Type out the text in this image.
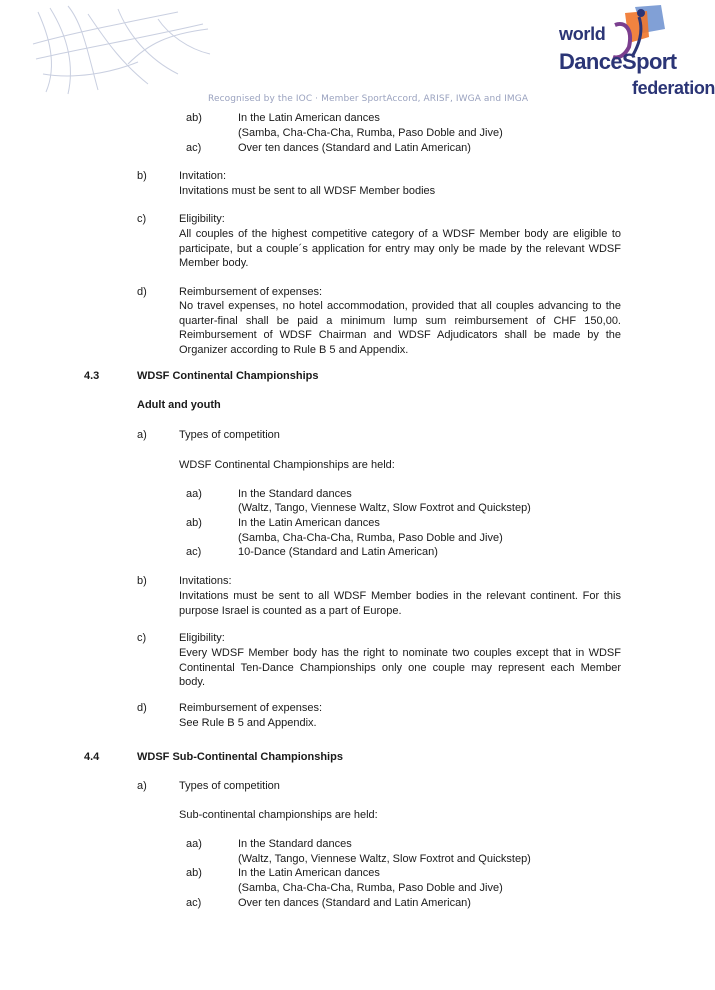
world
DanceSport
federation
Recognised by the IOC · Member SportAccord, ARISF, IWGA and IMGA
ab)	In the Latin American dances
(Samba, Cha-Cha-Cha, Rumba, Paso Doble and Jive)
ac)	Over ten dances (Standard and Latin American)
b)	Invitation:
Invitations must be sent to all WDSF Member bodies
c)	Eligibility:
All couples of the highest competitive category of a WDSF Member body are eligible to participate, but a couple´s application for entry may only be made by the relevant WDSF Member body.
d)	Reimbursement of expenses:
No travel expenses, no hotel accommodation, provided that all couples advancing to the quarter-final shall be paid a minimum lump sum reimbursement of CHF 150,00. Reimbursement of WDSF Chairman and WDSF Adjudicators shall be made by the Organizer according to Rule B 5 and Appendix.
4.3	WDSF Continental Championships
Adult and youth
a)	Types of competition
WDSF Continental Championships are held:
aa)	In the Standard dances
(Waltz, Tango, Viennese Waltz, Slow Foxtrot and Quickstep)
ab)	In the Latin American dances
(Samba, Cha-Cha-Cha, Rumba, Paso Doble and Jive)
ac)	10-Dance (Standard and Latin American)
b)	Invitations:
Invitations must be sent to all WDSF Member bodies in the relevant continent. For this purpose Israel is counted as a part of Europe.
c)	Eligibility:
Every WDSF Member body has the right to nominate two couples except that in WDSF Continental Ten-Dance Championships only one couple may represent each Member body.
d)	Reimbursement of expenses:
See Rule B 5 and Appendix.
4.4	WDSF Sub-Continental Championships
a)	Types of competition
Sub-continental championships are held:
aa)	In the Standard dances
(Waltz, Tango, Viennese Waltz, Slow Foxtrot and Quickstep)
ab)	In the Latin American dances
(Samba, Cha-Cha-Cha, Rumba, Paso Doble and Jive)
ac)	Over ten dances (Standard and Latin American)
